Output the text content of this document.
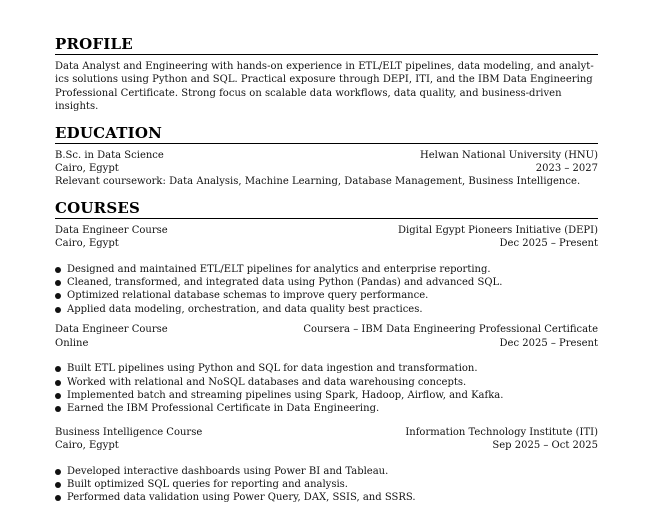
PROFILE

Data Analyst and Engineering with hands-on experience in ETL/ELT pipelines, data modeling, and analyt-

ics solutions using Python and SQL. Practical exposure through DEPI, ITI, and the IBM Data Engineering

Professional Certificate. Strong focus on scalable data workflows, data quality, and business-driven insights.

EDUCATION
B.Sc. in Data Science	Helwan National University (HNU)
Cairo, Egypt	2023 – 2027

Relevant coursework: Data Analysis, Machine Learning, Database Management, Business Intelligence.

COURSES
Data Engineer Course	Digital Egypt Pioneers Initiative (DEPI)
Cairo, Egypt	Dec 2025 – Present
Designed and maintained ETL/ELT pipelines for analytics and enterprise reporting.
Cleaned, transformed, and integrated data using Python (Pandas) and advanced SQL.
Optimized relational database schemas to improve query performance.
Applied data modeling, orchestration, and data quality best practices.
Data Engineer Course	Coursera – IBM Data Engineering Professional Certificate
Online	Dec 2025 – Present
Built ETL pipelines using Python and SQL for data ingestion and transformation.
Worked with relational and NoSQL databases and data warehousing concepts.
Implemented batch and streaming pipelines using Spark, Hadoop, Airflow, and Kafka.
Earned the IBM Professional Certificate in Data Engineering.
Business Intelligence Course	Information Technology Institute (ITI)
Cairo, Egypt	Sep 2025 – Oct 2025
Developed interactive dashboards using Power BI and Tableau.
Built optimized SQL queries for reporting and analysis.
Performed data validation using Power Query, DAX, SSIS, and SSRS.
